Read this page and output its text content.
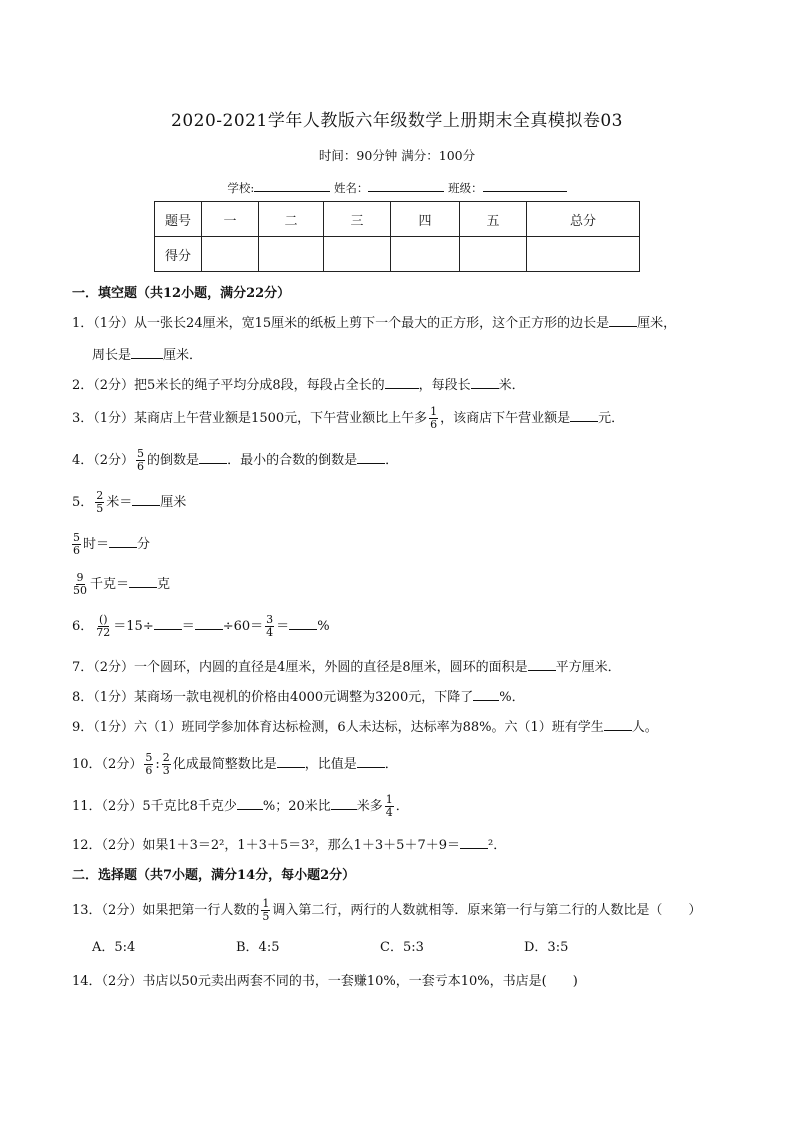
2020-2021学年人教版六年级数学上册期末全真模拟卷03
时间：90分钟 满分：100分
学校:	姓名：	班级：
题号	一	二	三	四	五	总分
得分						
一．填空题（共12小题，满分22分）
1．（1分）从一张长24厘米，宽15厘米的纸板上剪下一个最大的正方形，这个正方形的边长是 厘米，
周长是 厘米．
2．（2分）把5米长的绳子平均分成8段，每段占全长的	，每段长 米．
3．（1分）某商店上午营业额是1500元，下午营业额比上午多 $\frac{1}{6}$ ，该商店下午营业额是 元．
4．（2分） $\frac{5}{6}$ 的倒数是 ．最小的合数的倒数是 ．
5． $\frac{2}{5}$ 米＝ 厘米
$\frac{5}{6}$ 时＝ 分
$\frac{9}{50}$ 千克＝ 克
6． $\frac{()}{72} =15\div = \div 60= \frac{3}{4}$ ＝ %
7．（2分）一个圆环，内圆的直径是4厘米，外圆的直径是8厘米，圆环的面积是 平方厘米．
8．（1分）某商场一款电视机的价格由4000元调整为3200元，下降了 %．
9．（1分）六（1）班同学参加体育达标检测，6人未达标，达标率为88%。六（1）班有学生 人。
10．（2分） $\frac{5}{6}$ : $\frac{2}{3}$ 化成最简整数比是 ，比值是 ．
11．（2分）5千克比8千克少 %；20米比 米多 $\frac{1}{4}$ ．
12．（2分）如果1＋3＝2²，1＋3＋5＝3²，那么1＋3＋5＋7＋9＝ ²．
二．选择题（共7小题，满分14分，每小题2分）
13．（2分）如果把第一行人数的 $\frac{1}{5}$ 调入第二行，两行的人数就相等．原来第一行与第二行的人数比是（　　）
A．5:4	B．4:5	C．5:3	D．3:5
14．（2分）书店以50元卖出两套不同的书，一套赚10%，一套亏本10%，书店是(　　)
